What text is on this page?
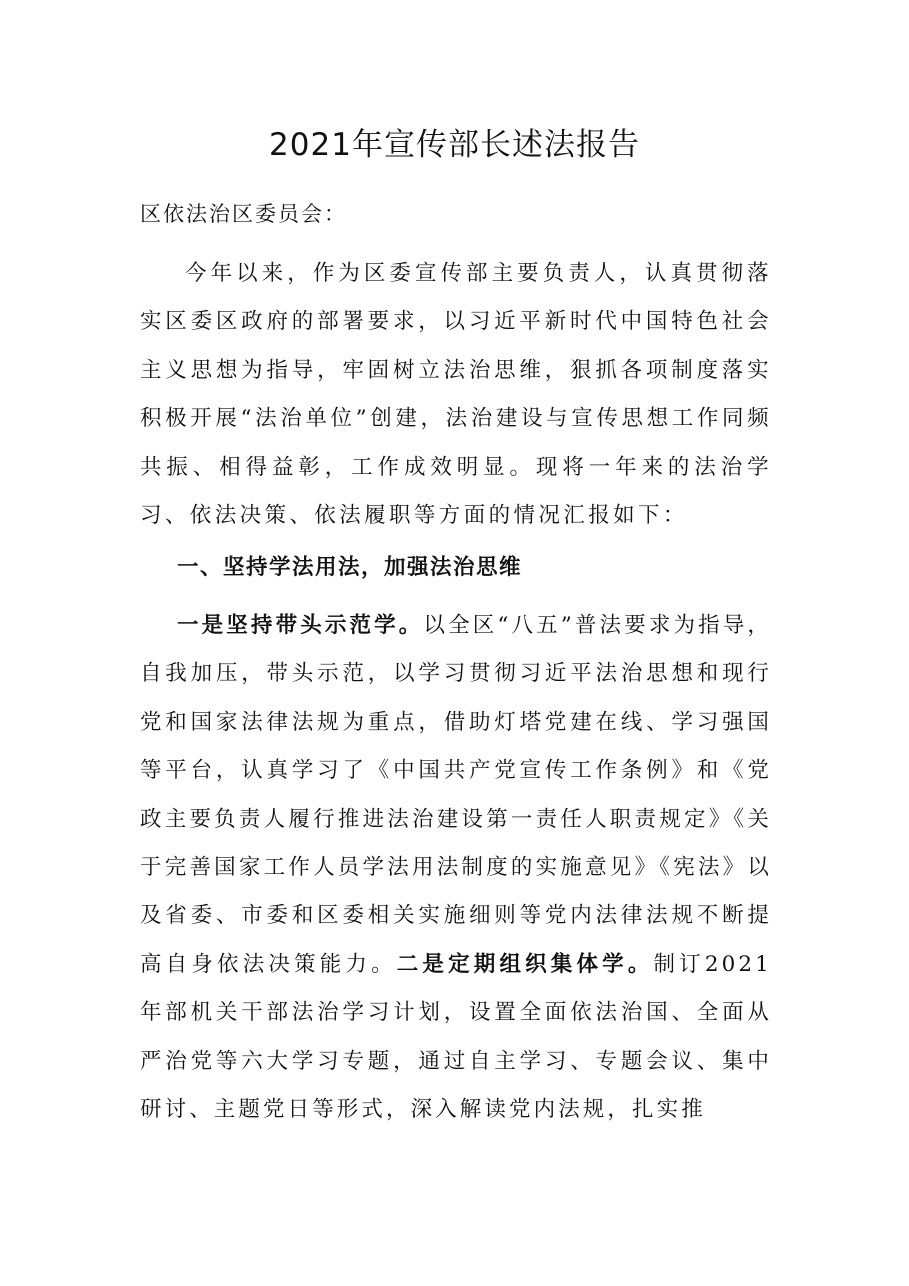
2021年宣传部长述法报告
区依法治区委员会：
今年以来，作为区委宣传部主要负责人，认真贯彻落实区委区政府的部署要求，以习近平新时代中国特色社会主义思想为指导，牢固树立法治思维，狠抓各项制度落实积极开展“法治单位”创建，法治建设与宣传思想工作同频共振、相得益彰，工作成效明显。现将一年来的法治学习、依法决策、依法履职等方面的情况汇报如下：
一、坚持学法用法，加强法治思维
一是坚持带头示范学。以全区“八五”普法要求为指导，自我加压，带头示范，以学习贯彻习近平法治思想和现行党和国家法律法规为重点，借助灯塔党建在线、学习强国等平台，认真学习了《中国共产党宣传工作条例》和《党政主要负责人履行推进法治建设第一责任人职责规定》《关于完善国家工作人员学法用法制度的实施意见》《宪法》以及省委、市委和区委相关实施细则等党内法律法规不断提高自身依法决策能力。二是定期组织集体学。制订2021年部机关干部法治学习计划，设置全面依法治国、全面从严治党等六大学习专题，通过自主学习、专题会议、集中研讨、主题党日等形式，深入解读党内法规，扎实推
